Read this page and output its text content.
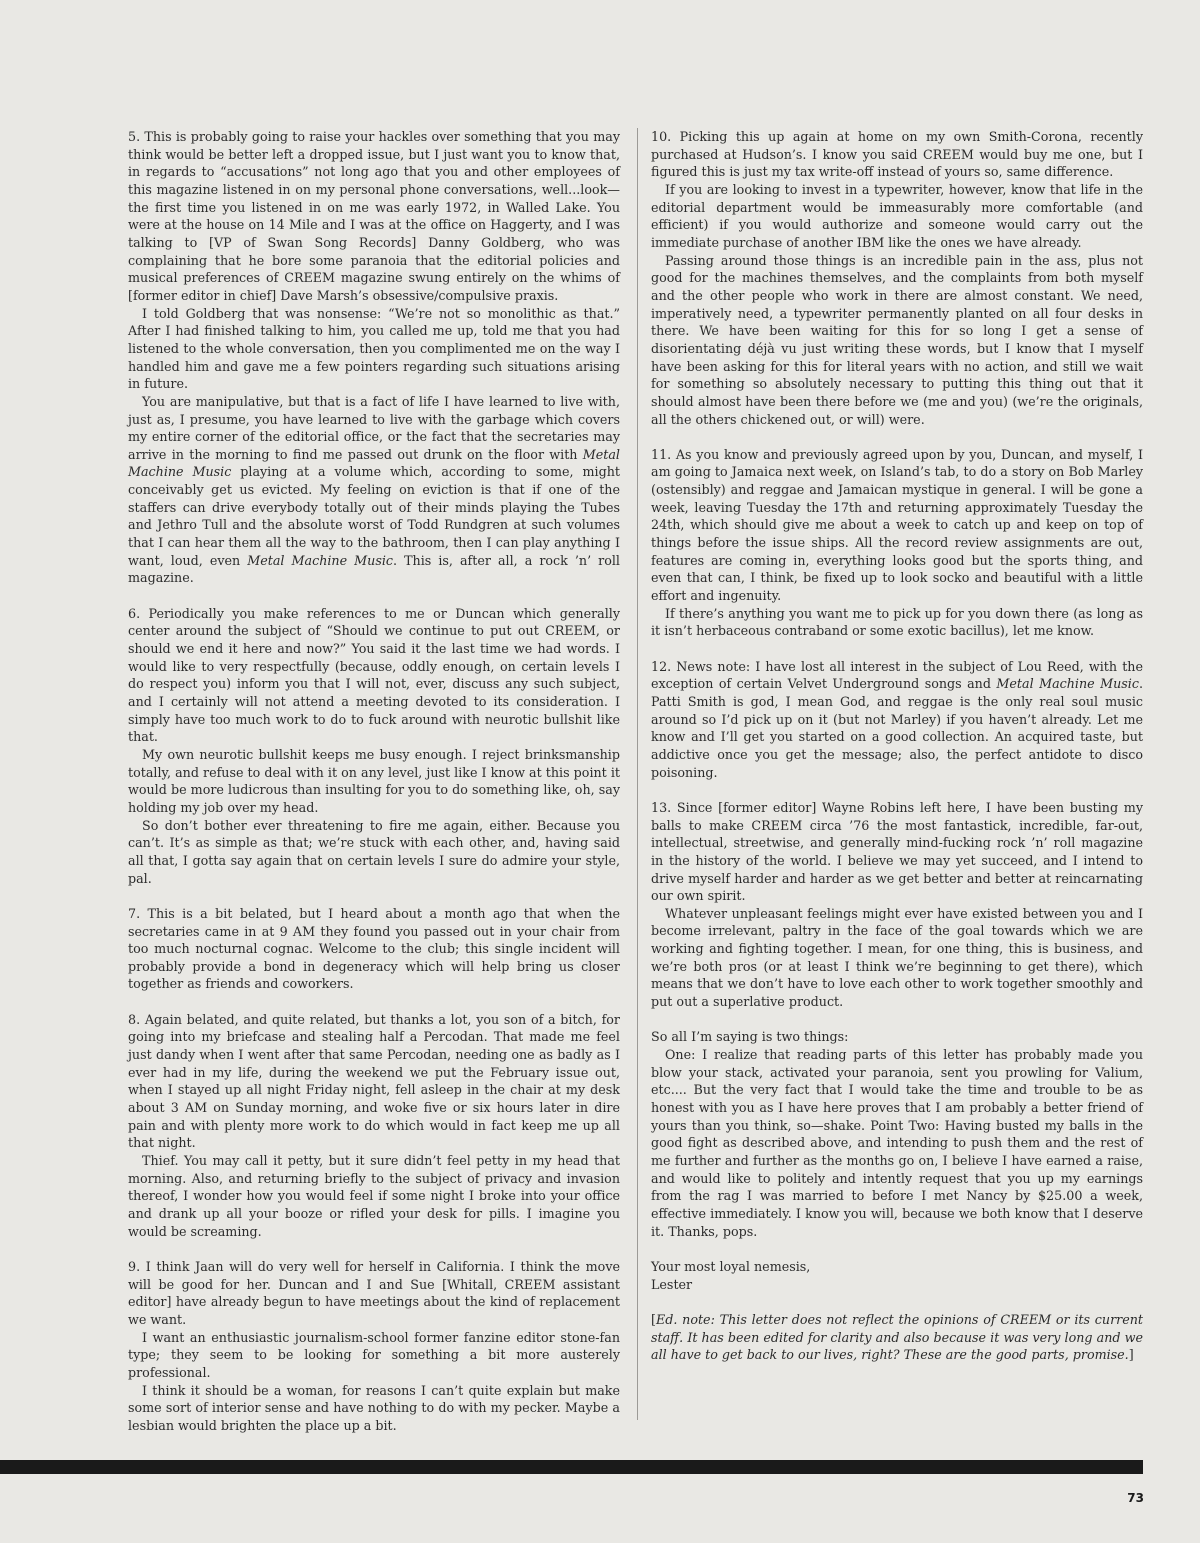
5. This is probably going to raise your hackles over something that you may think would be better left a dropped issue, but I just want you to know that, in regards to “accusations” not long ago that you and other employees of this magazine listened in on my personal phone conversations, well...look—the first time you listened in on me was early 1972, in Walled Lake. You were at the house on 14 Mile and I was at the office on Haggerty, and I was talking to [VP of Swan Song Records] Danny Goldberg, who was complaining that he bore some paranoia that the editorial policies and musical preferences of CREEM magazine swung entirely on the whims of [former editor in chief] Dave Marsh’s obsessive/compulsive praxis.

I told Goldberg that was nonsense: “We’re not so monolithic as that.” After I had finished talking to him, you called me up, told me that you had listened to the whole conversation, then you complimented me on the way I handled him and gave me a few pointers regarding such situations arising in future.

You are manipulative, but that is a fact of life I have learned to live with, just as, I presume, you have learned to live with the garbage which covers my entire corner of the editorial office, or the fact that the secretaries may arrive in the morning to find me passed out drunk on the floor with Metal Machine Music playing at a volume which, according to some, might conceivably get us evicted. My feeling on eviction is that if one of the staffers can drive everybody totally out of their minds playing the Tubes and Jethro Tull and the absolute worst of Todd Rundgren at such volumes that I can hear them all the way to the bathroom, then I can play anything I want, loud, even Metal Machine Music. This is, after all, a rock ’n’ roll magazine.

6. Periodically you make references to me or Duncan which generally center around the subject of “Should we continue to put out CREEM, or should we end it here and now?” You said it the last time we had words. I would like to very respectfully (because, oddly enough, on certain levels I do respect you) inform you that I will not, ever, discuss any such subject, and I certainly will not attend a meeting devoted to its consideration. I simply have too much work to do to fuck around with neurotic bullshit like that.

My own neurotic bullshit keeps me busy enough. I reject brinksmanship totally, and refuse to deal with it on any level, just like I know at this point it would be more ludicrous than insulting for you to do something like, oh, say holding my job over my head.

So don’t bother ever threatening to fire me again, either. Because you can’t. It’s as simple as that; we’re stuck with each other, and, having said all that, I gotta say again that on certain levels I sure do admire your style, pal.

7. This is a bit belated, but I heard about a month ago that when the secretaries came in at 9 AM they found you passed out in your chair from too much nocturnal cognac. Welcome to the club; this single incident will probably provide a bond in degeneracy which will help bring us closer together as friends and coworkers.

8. Again belated, and quite related, but thanks a lot, you son of a bitch, for going into my briefcase and stealing half a Percodan. That made me feel just dandy when I went after that same Percodan, needing one as badly as I ever had in my life, during the weekend we put the February issue out, when I stayed up all night Friday night, fell asleep in the chair at my desk about 3 AM on Sunday morning, and woke five or six hours later in dire pain and with plenty more work to do which would in fact keep me up all that night.

Thief. You may call it petty, but it sure didn’t feel petty in my head that morning. Also, and returning briefly to the subject of privacy and invasion thereof, I wonder how you would feel if some night I broke into your office and drank up all your booze or rifled your desk for pills. I imagine you would be screaming.

9. I think Jaan will do very well for herself in California. I think the move will be good for her. Duncan and I and Sue [Whitall, CREEM assistant editor] have already begun to have meetings about the kind of replacement we want.

I want an enthusiastic journalism-school former fanzine editor stone-fan type; they seem to be looking for something a bit more austerely professional.

I think it should be a woman, for reasons I can’t quite explain but make some sort of interior sense and have nothing to do with my pecker. Maybe a lesbian would brighten the place up a bit.

10. Picking this up again at home on my own Smith-Corona, recently purchased at Hudson’s. I know you said CREEM would buy me one, but I figured this is just my tax write-off instead of yours so, same difference.

If you are looking to invest in a typewriter, however, know that life in the editorial department would be immeasurably more comfortable (and efficient) if you would authorize and someone would carry out the immediate purchase of another IBM like the ones we have already.

Passing around those things is an incredible pain in the ass, plus not good for the machines themselves, and the complaints from both myself and the other people who work in there are almost constant. We need, imperatively need, a typewriter permanently planted on all four desks in there. We have been waiting for this for so long I get a sense of disorientating déjà vu just writing these words, but I know that I myself have been asking for this for literal years with no action, and still we wait for something so absolutely necessary to putting this thing out that it should almost have been there before we (me and you) (we’re the originals, all the others chickened out, or will) were.

11. As you know and previously agreed upon by you, Duncan, and myself, I am going to Jamaica next week, on Island’s tab, to do a story on Bob Marley (ostensibly) and reggae and Jamaican mystique in general. I will be gone a week, leaving Tuesday the 17th and returning approximately Tuesday the 24th, which should give me about a week to catch up and keep on top of things before the issue ships. All the record review assignments are out, features are coming in, everything looks good but the sports thing, and even that can, I think, be fixed up to look socko and beautiful with a little effort and ingenuity.

If there’s anything you want me to pick up for you down there (as long as it isn’t herbaceous contraband or some exotic bacillus), let me know.

12. News note: I have lost all interest in the subject of Lou Reed, with the exception of certain Velvet Underground songs and Metal Machine Music. Patti Smith is god, I mean God, and reggae is the only real soul music around so I’d pick up on it (but not Marley) if you haven’t already. Let me know and I’ll get you started on a good collection. An acquired taste, but addictive once you get the message; also, the perfect antidote to disco poisoning.

13. Since [former editor] Wayne Robins left here, I have been busting my balls to make CREEM circa ’76 the most fantastick, incredible, far-out, intellectual, streetwise, and generally mind-fucking rock ’n’ roll magazine in the history of the world. I believe we may yet succeed, and I intend to drive myself harder and harder as we get better and better at reincarnating our own spirit.

Whatever unpleasant feelings might ever have existed between you and I become irrelevant, paltry in the face of the goal towards which we are working and fighting together. I mean, for one thing, this is business, and we’re both pros (or at least I think we’re beginning to get there), which means that we don’t have to love each other to work together smoothly and put out a superlative product.

So all I’m saying is two things:

One: I realize that reading parts of this letter has probably made you blow your stack, activated your paranoia, sent you prowling for Valium, etc.... But the very fact that I would take the time and trouble to be as honest with you as I have here proves that I am probably a better friend of yours than you think, so—shake. Point Two: Having busted my balls in the good fight as described above, and intending to push them and the rest of me further and further as the months go on, I believe I have earned a raise, and would like to politely and intently request that you up my earnings from the rag I was married to before I met Nancy by $25.00 a week, effective immediately. I know you will, because we both know that I deserve it. Thanks, pops.

Your most loyal nemesis,

Lester

[Ed. note: This letter does not reflect the opinions of CREEM or its current staff. It has been edited for clarity and also because it was very long and we all have to get back to our lives, right? These are the good parts, promise.]

73
